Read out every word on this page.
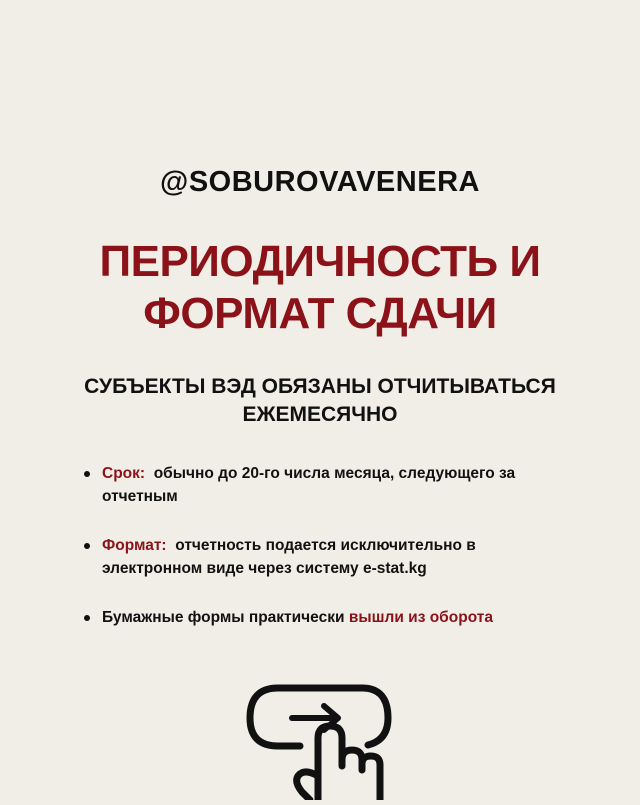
@SOBUROVAVENERA
ПЕРИОДИЧНОСТЬ И
ФОРМАТ СДАЧИ
СУБЪЕКТЫ ВЭД ОБЯЗАНЫ ОТЧИТЫВАТЬСЯ
ЕЖЕМЕСЯЧНО
Срок: обычно до 20-го числа месяца, следующего за отчетным
Формат: отчетность подается исключительно в электронном виде через систему e-stat.kg
Бумажные формы практически вышли из оборота
